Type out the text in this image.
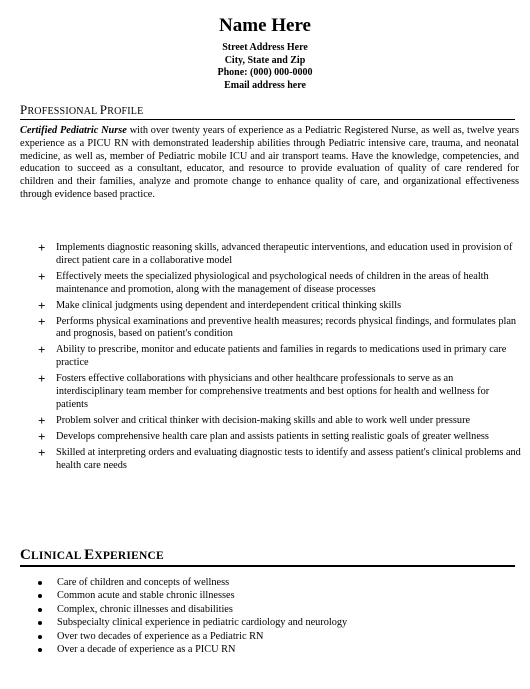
Name Here
Street Address Here
City, State and Zip
Phone: (000) 000-0000
Email address here
PROFESSIONAL PROFILE
Certified Pediatric Nurse with over twenty years of experience as a Pediatric Registered Nurse, as well as, twelve years experience as a PICU RN with demonstrated leadership abilities through Pediatric intensive care, trauma, and neonatal medicine, as well as, member of Pediatric mobile ICU and air transport teams. Have the knowledge, competencies, and education to succeed as a consultant, educator, and resource to provide evaluation of quality of care rendered for children and their families, analyze and promote change to enhance quality of care, and organizational effectiveness through evidence based practice.
+ Implements diagnostic reasoning skills, advanced therapeutic interventions, and education used in provision of direct patient care in a collaborative model
+ Effectively meets the specialized physiological and psychological needs of children in the areas of health maintenance and promotion, along with the management of disease processes
+ Make clinical judgments using dependent and interdependent critical thinking skills
+ Performs physical examinations and preventive health measures; records physical findings, and formulates plan and prognosis, based on patient's condition
+ Ability to prescribe, monitor and educate patients and families in regards to medications used in primary care practice
+ Fosters effective collaborations with physicians and other healthcare professionals to serve as an interdisciplinary team member for comprehensive treatments and best options for health and wellness for patients
+ Problem solver and critical thinker with decision-making skills and able to work well under pressure
+ Develops comprehensive health care plan and assists patients in setting realistic goals of greater wellness
+ Skilled at interpreting orders and evaluating diagnostic tests to identify and assess patient's clinical problems and health care needs
CLINICAL EXPERIENCE
Care of children and concepts of wellness
Common acute and stable chronic illnesses
Complex, chronic illnesses and disabilities
Subspecialty clinical experience in pediatric cardiology and neurology
Over two decades of experience as a Pediatric RN
Over a decade of experience as a PICU RN
